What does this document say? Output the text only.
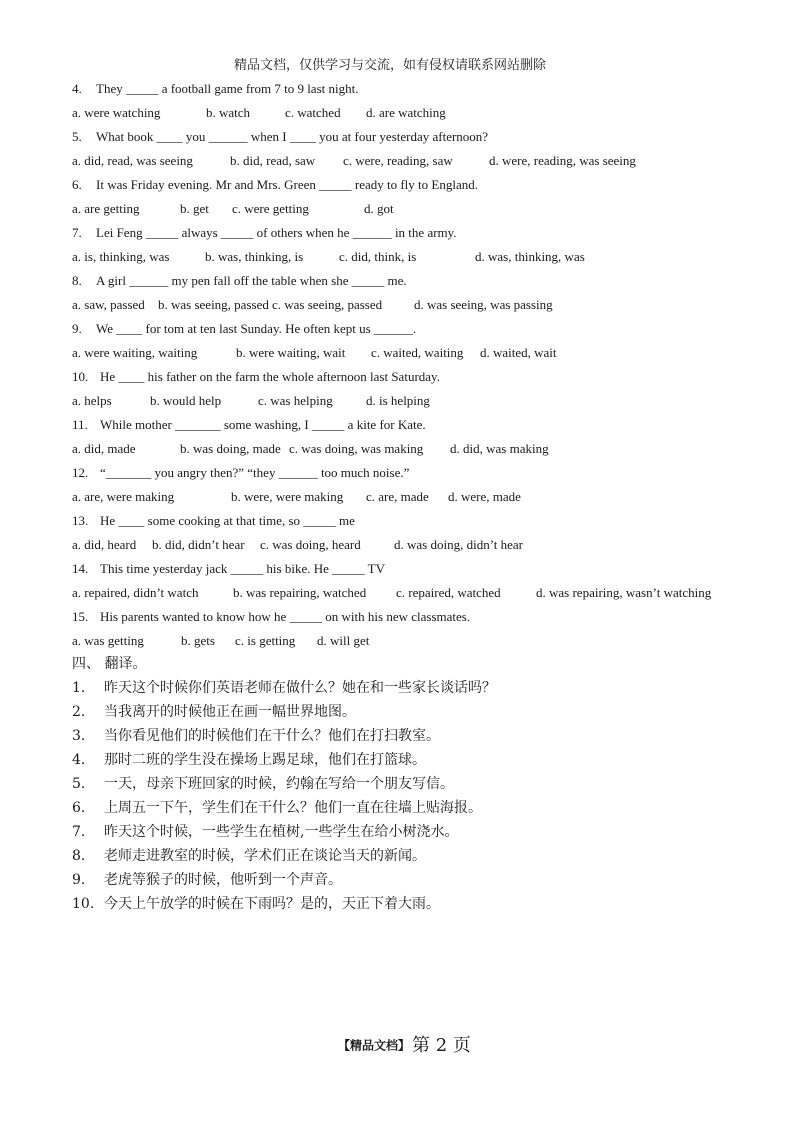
精品文档，仅供学习与交流，如有侵权请联系网站删除
4. They _____ a football game from 7 to 9 last night.
a. were watching	b. watch	c. watched d. are watching
5. What book ____ you ______ when I ____ you at four yesterday afternoon?
a. did, read, was seeing	b. did, read, saw c. were, reading, saw	d. were, reading, was seeing
6. It was Friday evening. Mr and Mrs. Green _____ ready to fly to England.
a. are getting	b. get c. were getting	d. got
7. Lei Feng _____ always _____ of others when he ______ in the army.
a. is, thinking, was	b. was, thinking, is	c. did, think, is	d. was, thinking, was
8. A girl ______ my pen fall off the table when she _____ me.
a. saw, passed b. was seeing, passed c. was seeing, passed d. was seeing, was passing
9. We ____ for tom at ten last Sunday. He often kept us ______.
a. were waiting, waiting	b. were waiting, wait c. waited, waiting d. waited, wait
10. He ____ his father on the farm the whole afternoon last Saturday.
a. helps	b. would help	c. was helping	d. is helping
11. While mother _______ some washing, I _____ a kite for Kate.
a. did, made	b. was doing, made c. was doing, was making d. did, was making
12. “_______ you angry then?” “they ______ too much noise.”
a. are, were making	b. were, were making c. are, made d. were, made
13. He ____ some cooking at that time, so _____ me
a. did, heard b. did, didn’t hear c. was doing, heard	d. was doing, didn’t hear
14. This time yesterday jack _____ his bike. He _____ TV
a. repaired, didn’t watch	b. was repairing, watched c. repaired, watched	d. was repairing, wasn’t watching
15. His parents wanted to know how he _____ on with his new classmates.
a. was getting	b. gets c. is getting d. will get
四、 翻译。
1． 昨天这个时候你们英语老师在做什么？她在和一些家长谈话吗？
2． 当我离开的时候他正在画一幅世界地图。
3． 当你看见他们的时候他们在干什么？他们在打扫教室。
4． 那时二班的学生没在操场上踢足球，他们在打篮球。
5． 一天，母亲下班回家的时候，约翰在写给一个朋友写信。
6． 上周五一下午，学生们在干什么？他们一直在往墙上贴海报。
7． 昨天这个时候，一些学生在植树,一些学生在给小树浇水。
8． 老师走进教室的时候，学术们正在谈论当天的新闻。
9． 老虎等猴子的时候，他听到一个声音。
10. 今天上午放学的时候在下雨吗？是的，天正下着大雨。
【精品文档】 第 2 页
